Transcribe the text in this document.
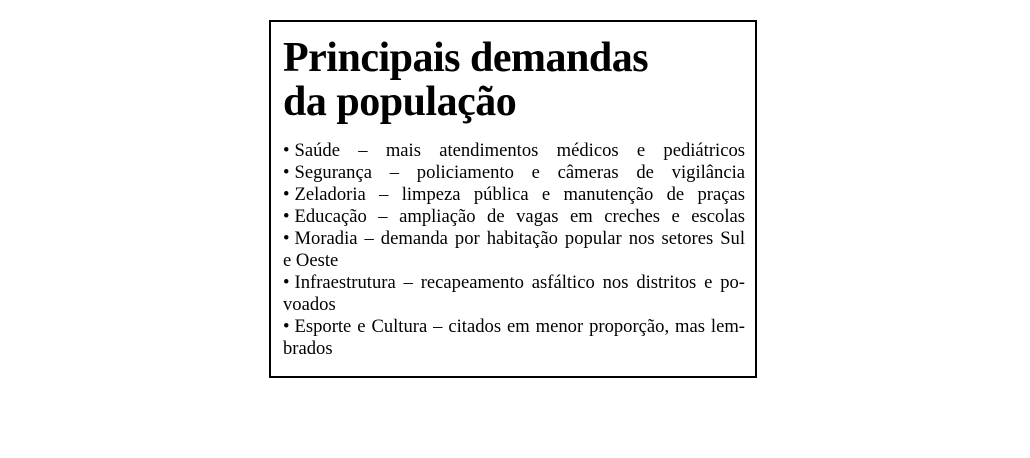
Principais demandas
da população
• Saúde – mais atendimentos médicos e pediátricos
• Segurança – policiamento e câmeras de vigilância
• Zeladoria – limpeza pública e manutenção de praças
• Educação – ampliação de vagas em creches e escolas
• Moradia – demanda por habitação popular nos setores Sul
e Oeste
• Infraestrutura – recapeamento asfáltico nos distritos e po-
voados
• Esporte e Cultura – citados em menor proporção, mas lem-
brados
